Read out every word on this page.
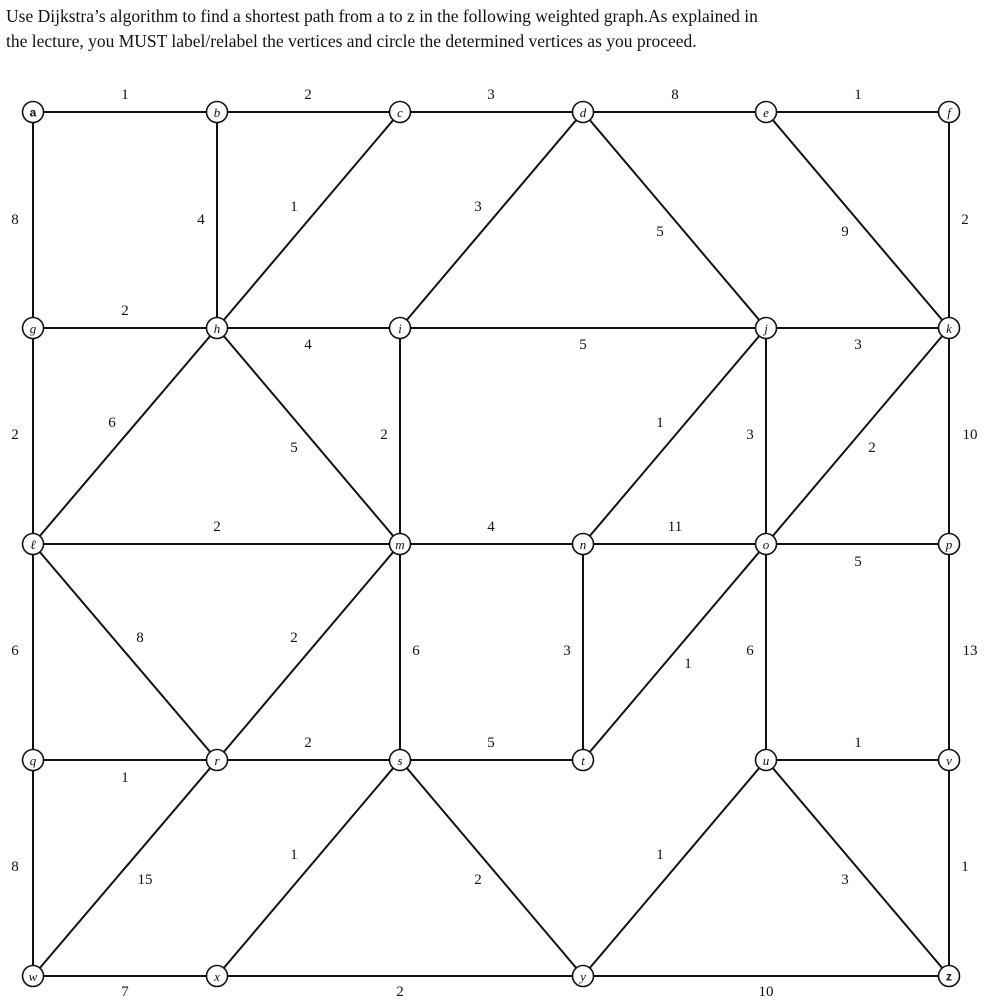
Use Dijkstra’s algorithm to find a shortest path from a to z in the following weighted graph.As explained in

the lecture, you MUST label/relabel the vertices and circle the determined vertices as you proceed.

1	2	3	8	1
8	4
1	3
5	9
2
2
4	5	3
2
6
5
2
1
3
2
10
2	4	11
5
6
8	2
6	3
1
6	13
1
2	5	1
8
15
1
2
1
3
1
7	2	10
a	b	c	d	e	f
g	h	i	j	k
ℓ	m	n	o	p
q	r	s	t	u	v
w	x	y	z
